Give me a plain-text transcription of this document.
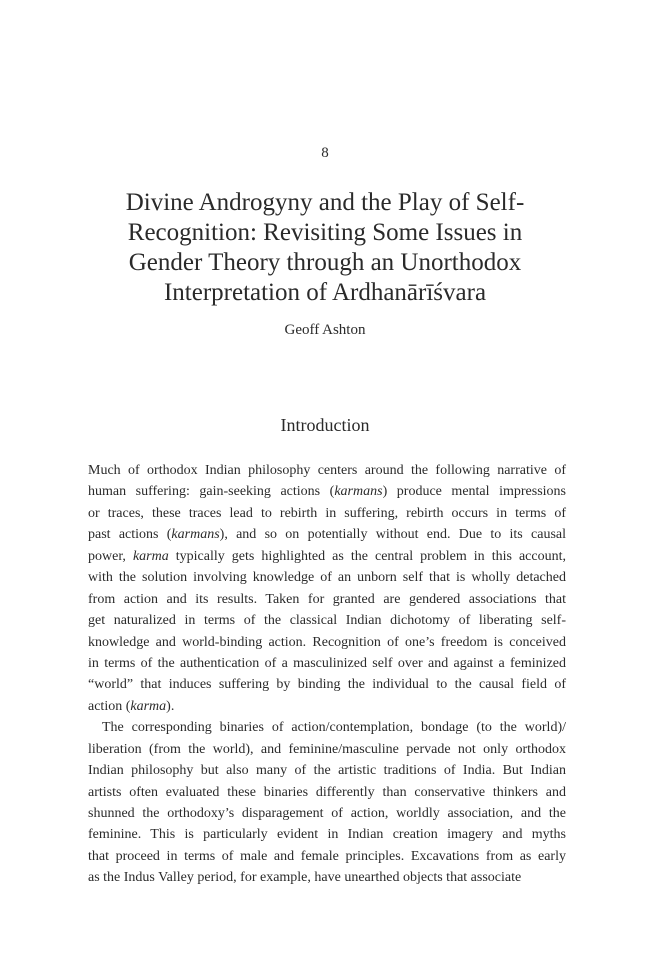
8
Divine Androgyny and the Play of Self-
Recognition: Revisiting Some Issues in
Gender Theory through an Unorthodox
Interpretation of Ardhanārīśvara
Geoff Ashton
Introduction
Much of orthodox Indian philosophy centers around the following narrative of
human suffering: gain-seeking actions (karmans) produce mental impressions
or traces, these traces lead to rebirth in suffering, rebirth occurs in terms of
past actions (karmans), and so on potentially without end. Due to its causal
power, karma typically gets highlighted as the central problem in this account,
with the solution involving knowledge of an unborn self that is wholly detached
from action and its results. Taken for granted are gendered associations that
get naturalized in terms of the classical Indian dichotomy of liberating self-
knowledge and world-binding action. Recognition of one’s freedom is conceived
in terms of the authentication of a masculinized self over and against a feminized
“world” that induces suffering by binding the individual to the causal field of
action (karma).
The corresponding binaries of action/contemplation, bondage (to the world)/
liberation (from the world), and feminine/masculine pervade not only orthodox
Indian philosophy but also many of the artistic traditions of India. But Indian
artists often evaluated these binaries differently than conservative thinkers and
shunned the orthodoxy’s disparagement of action, worldly association, and the
feminine. This is particularly evident in Indian creation imagery and myths
that proceed in terms of male and female principles. Excavations from as early
as the Indus Valley period, for example, have unearthed objects that associate
